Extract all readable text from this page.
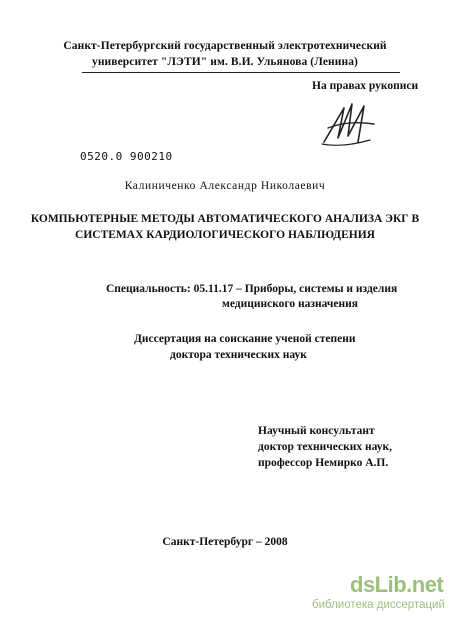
Санкт-Петербургский государственный электротехнический
университет "ЛЭТИ" им. В.И. Ульянова (Ленина)
На правах рукописи
0520.0 900210
Калиниченко Александр Николаевич
КОМПЬЮТЕРНЫЕ МЕТОДЫ АВТОМАТИЧЕСКОГО АНАЛИЗА ЭКГ В
СИСТЕМАХ КАРДИОЛОГИЧЕСКОГО НАБЛЮДЕНИЯ
Специальность: 05.11.17 – Приборы, системы и изделия
медицинского назначения
Диссертация на соискание ученой степени
доктора технических наук
Научный консультант
доктор технических наук,
профессор Немирко А.П.
Санкт-Петербург – 2008
dsLib.net
библиотека диссертаций
